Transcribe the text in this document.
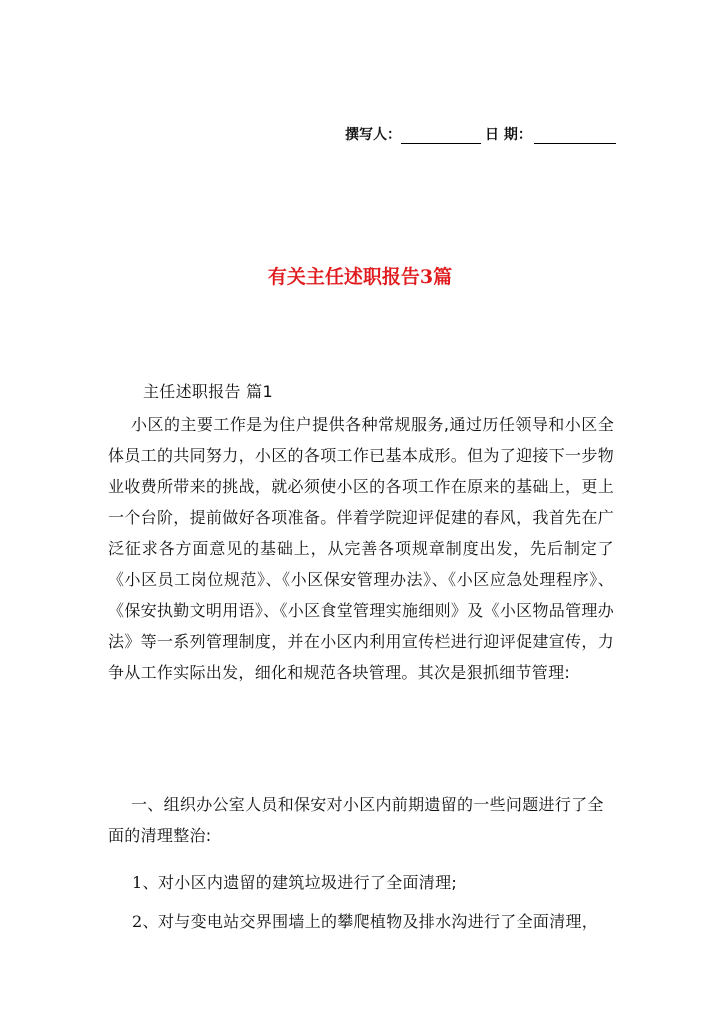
撰写人：	日 期：
有关主任述职报告3篇
主任述职报告 篇1
小区的主要工作是为住户提供各种常规服务,通过历任领导和小区全体员工的共同努力，小区的各项工作已基本成形。但为了迎接下一步物业收费所带来的挑战，就必须使小区的各项工作在原来的基础上，更上一个台阶，提前做好各项准备。伴着学院迎评促建的春风，我首先在广泛征求各方面意见的基础上，从完善各项规章制度出发，先后制定了《小区员工岗位规范》、《小区保安管理办法》、《小区应急处理程序》、《保安执勤文明用语》、《小区食堂管理实施细则》及《小区物品管理办法》等一系列管理制度，并在小区内利用宣传栏进行迎评促建宣传，力争从工作实际出发，细化和规范各块管理。其次是狠抓细节管理:
一、组织办公室人员和保安对小区内前期遗留的一些问题进行了全面的清理整治:
1、对小区内遗留的建筑垃圾进行了全面清理;
2、对与变电站交界围墙上的攀爬植物及排水沟进行了全面清理，
